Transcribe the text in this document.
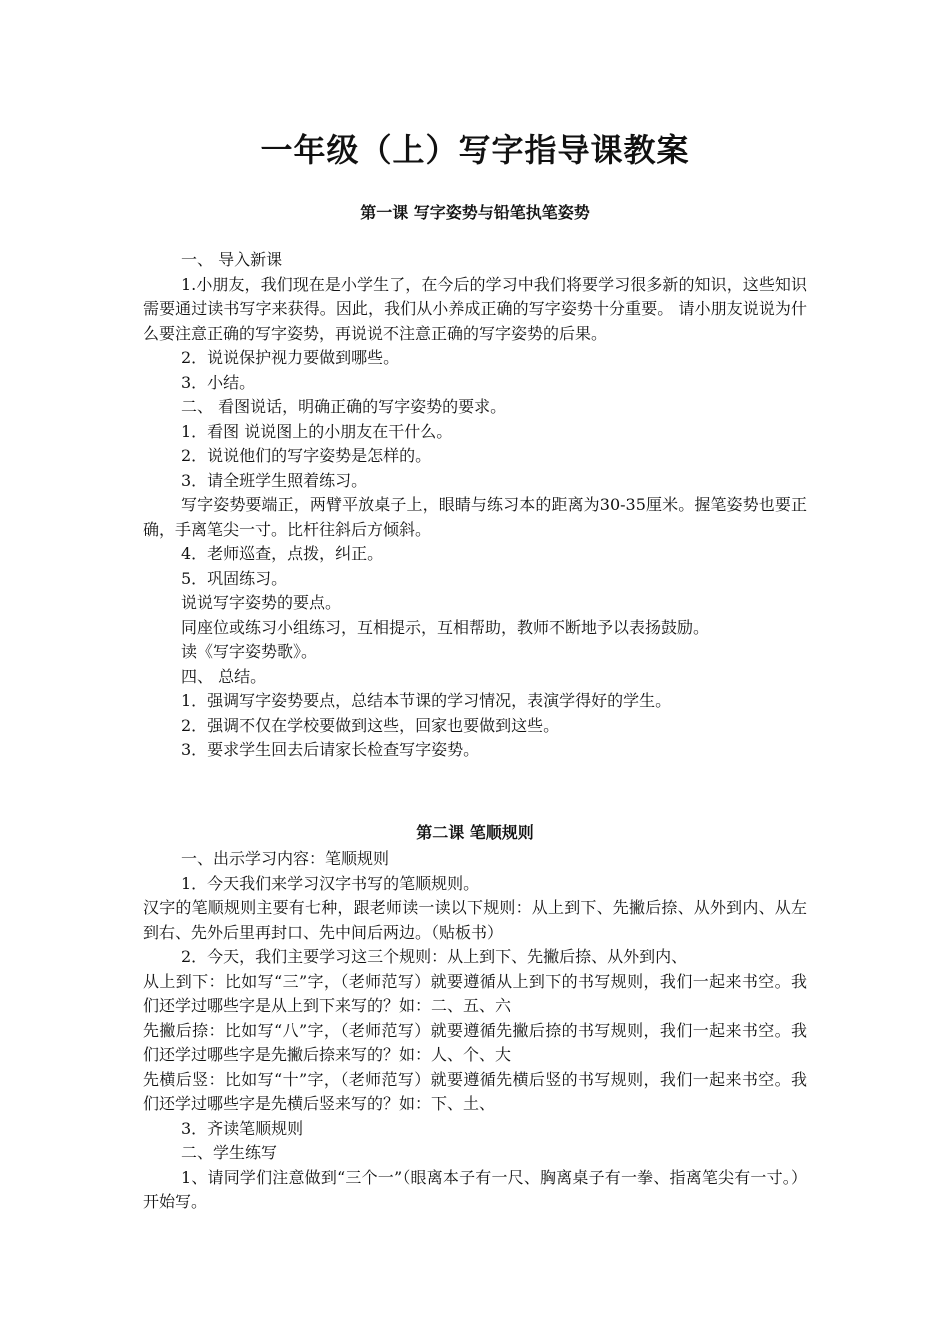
一年级（上）写字指导课教案
第一课 写字姿势与铅笔执笔姿势

一、 导入新课

1.小朋友，我们现在是小学生了，在今后的学习中我们将要学习很多新的知识，这些知识需要通过读书写字来获得。因此，我们从小养成正确的写字姿势十分重要。 请小朋友说说为什么要注意正确的写字姿势，再说说不注意正确的写字姿势的后果。

2．说说保护视力要做到哪些。

3．小结。

二、 看图说话，明确正确的写字姿势的要求。

1．看图 说说图上的小朋友在干什么。

2．说说他们的写字姿势是怎样的。

3．请全班学生照着练习。

写字姿势要端正，两臂平放桌子上，眼睛与练习本的距离为30-35厘米。握笔姿势也要正确，手离笔尖一寸。比杆往斜后方倾斜。

4．老师巡查，点拨，纠正。

5．巩固练习。

说说写字姿势的要点。

同座位或练习小组练习，互相提示，互相帮助，教师不断地予以表扬鼓励。

读《写字姿势歌》。

四、 总结。

1．强调写字姿势要点，总结本节课的学习情况，表演学得好的学生。

2．强调不仅在学校要做到这些，回家也要做到这些。

3．要求学生回去后请家长检查写字姿势。

第二课 笔顺规则

一、出示学习内容：笔顺规则

1．今天我们来学习汉字书写的笔顺规则。

汉字的笔顺规则主要有七种，跟老师读一读以下规则：从上到下、先撇后捺、从外到内、从左到右、先外后里再封口、先中间后两边。（贴板书）

2．今天，我们主要学习这三个规则：从上到下、先撇后捺、从外到内、

从上到下：比如写“三”字，（老师范写）就要遵循从上到下的书写规则，我们一起来书空。我们还学过哪些字是从上到下来写的？如：二、五、六

先撇后捺：比如写“八”字，（老师范写）就要遵循先撇后捺的书写规则，我们一起来书空。我们还学过哪些字是先撇后捺来写的？如：人、个、大

先横后竖：比如写“十”字，（老师范写）就要遵循先横后竖的书写规则，我们一起来书空。我们还学过哪些字是先横后竖来写的？如：下、土、

3．齐读笔顺规则

二、学生练写

1、请同学们注意做到“三个一”（眼离本子有一尺、胸离桌子有一拳、指离笔尖有一寸。）开始写。
